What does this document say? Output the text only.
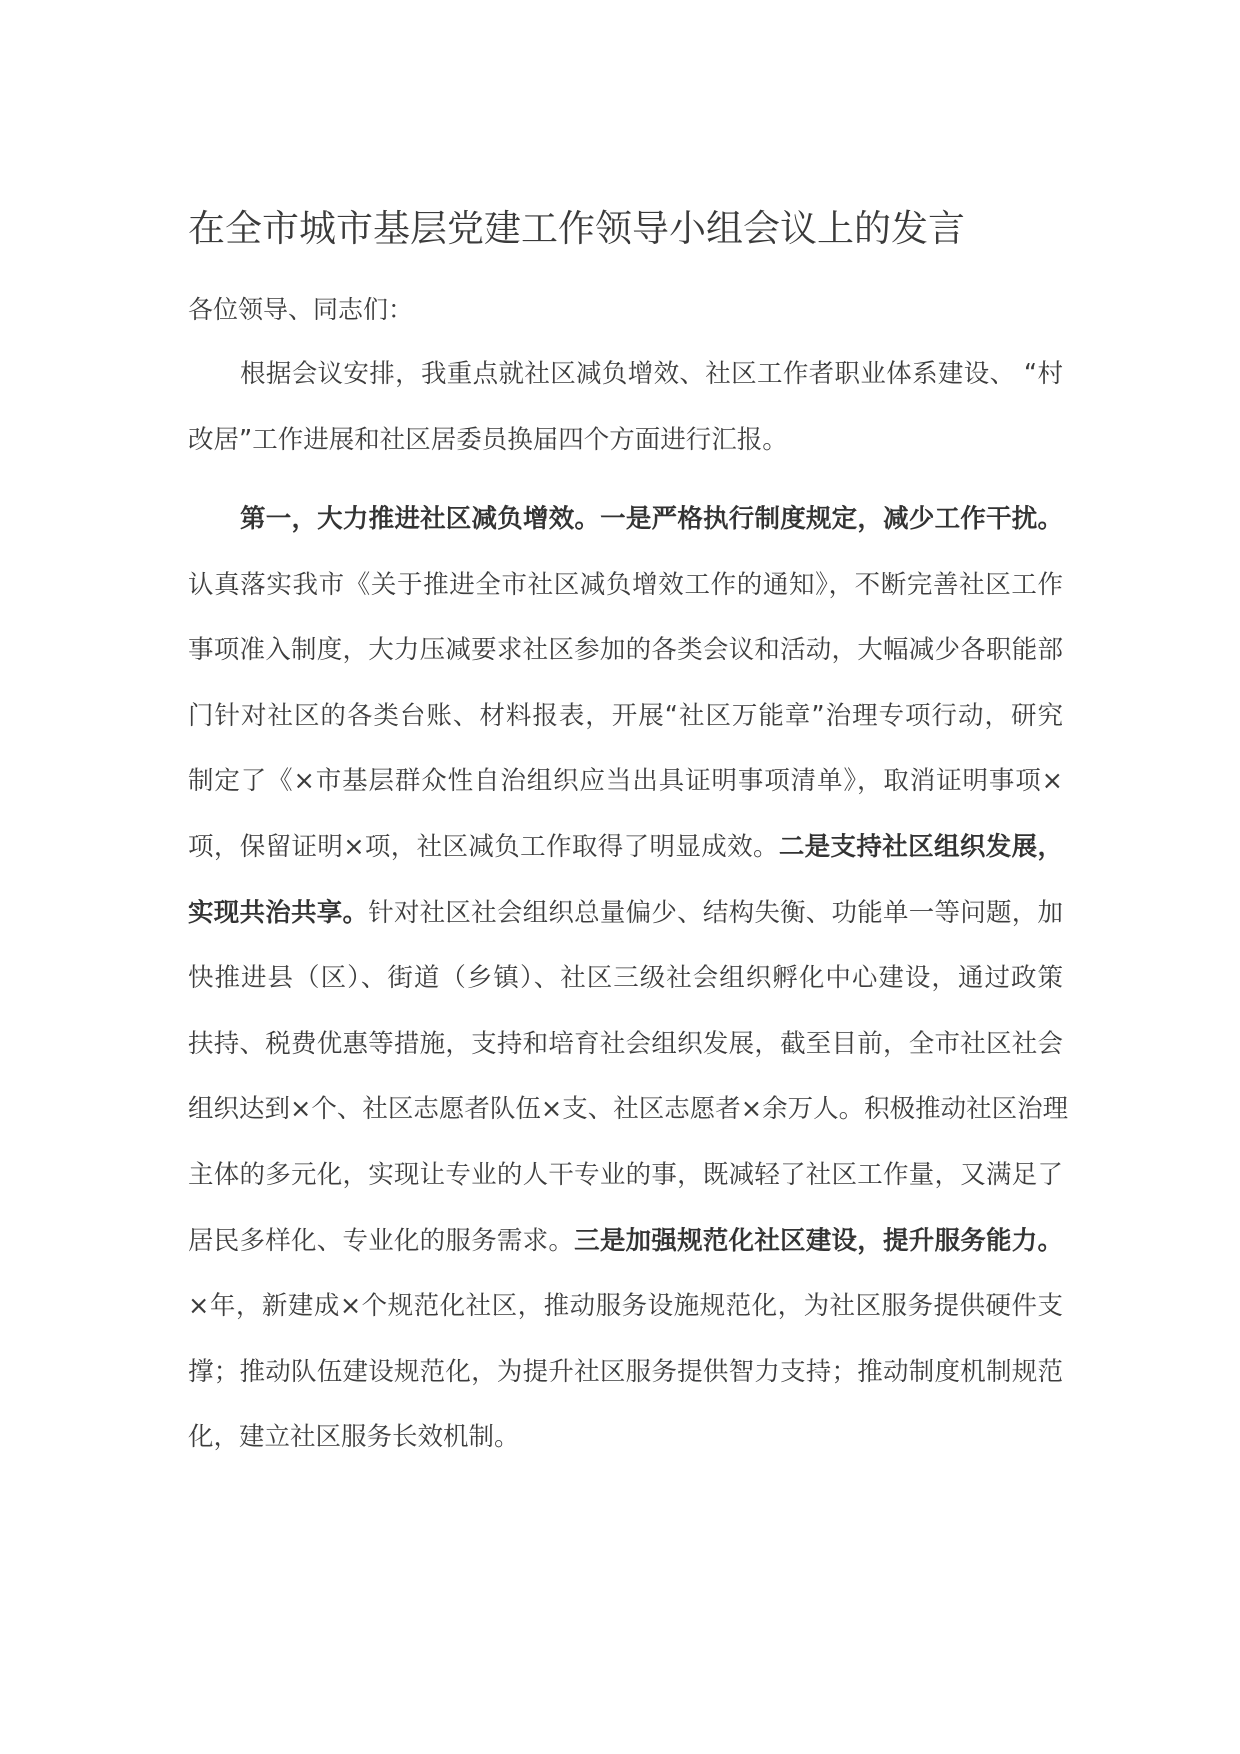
在全市城市基层党建工作领导小组会议上的发言
各位领导、同志们：
根据会议安排，我重点就社区减负增效、社区工作者职业体系建设、 “村
改居”工作进展和社区居委员换届四个方面进行汇报。
第一，大力推进社区减负增效。一是严格执行制度规定，减少工作干扰。
认真落实我市《关于推进全市社区减负增效工作的通知》，不断完善社区工作
事项准入制度，大力压减要求社区参加的各类会议和活动，大幅减少各职能部
门针对社区的各类台账、材料报表，开展“社区万能章”治理专项行动，研究
制定了《×市基层群众性自治组织应当出具证明事项清单》，取消证明事项×
项，保留证明×项，社区减负工作取得了明显成效。二是支持社区组织发展，
实现共治共享。针对社区社会组织总量偏少、结构失衡、功能单一等问题，加
快推进县（区）、街道（乡镇）、社区三级社会组织孵化中心建设，通过政策
扶持、税费优惠等措施，支持和培育社会组织发展，截至目前，全市社区社会
组织达到×个、社区志愿者队伍×支、社区志愿者×余万人。积极推动社区治理
主体的多元化，实现让专业的人干专业的事，既减轻了社区工作量，又满足了
居民多样化、专业化的服务需求。三是加强规范化社区建设，提升服务能力。
×年，新建成×个规范化社区，推动服务设施规范化，为社区服务提供硬件支
撑；推动队伍建设规范化，为提升社区服务提供智力支持；推动制度机制规范
化，建立社区服务长效机制。
